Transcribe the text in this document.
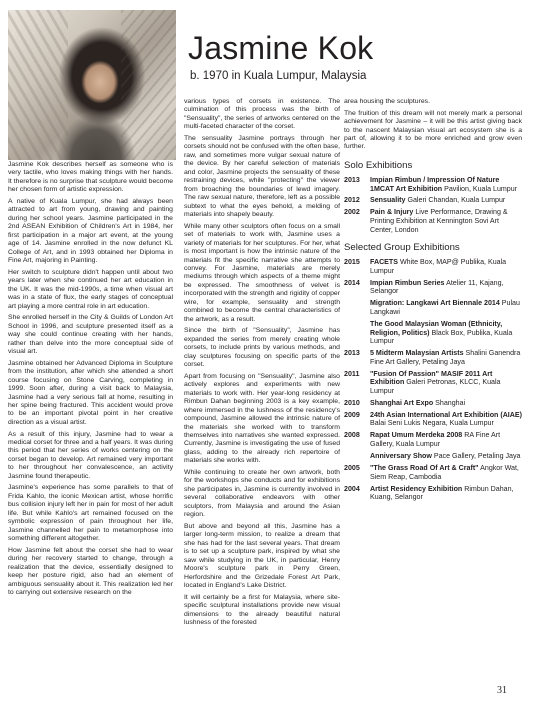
Jasmine Kok
b. 1970 in Kuala Lumpur, Malaysia

Jasmine Kok describes herself as someone who is very tactile, who loves making things with her hands. It therefore is no surprise that sculpture would become her chosen form of artistic expression.

A native of Kuala Lumpur, she had always been attracted to art from young, drawing and painting during her school years. Jasmine participated in the 2nd ASEAN Exhibition of Children's Art in 1984, her first participation in a major art event, at the young age of 14. Jasmine enrolled in the now defunct KL College of Art, and in 1993 obtained her Diploma in Fine Art, majoring in Painting.

Her switch to sculpture didn't happen until about two years later when she continued her art education in the UK. It was the mid-1990s, a time when visual art was in a state of flux, the early stages of conceptual art playing a more central role in art education.

She enrolled herself in the City & Guilds of London Art School in 1996, and sculpture presented itself as a way she could continue creating with her hands, rather than delve into the more conceptual side of visual art.

Jasmine obtained her Advanced Diploma in Sculpture from the institution, after which she attended a short course focusing on Stone Carving, completing in 1999. Soon after, during a visit back to Malaysia, Jasmine had a very serious fall at home, resulting in her spine being fractured. This accident would prove to be an important pivotal point in her creative direction as a visual artist.

As a result of this injury, Jasmine had to wear a medical corset for three and a half years. It was during this period that her series of works centering on the corset began to develop. Art remained very important to her throughout her convalescence, an activity Jasmine found therapeutic.

Jasmine's experience has some parallels to that of Frida Kahlo, the iconic Mexican artist, whose horrific bus collision injury left her in pain for most of her adult life. But while Kahlo's art remained focused on the symbolic expression of pain throughout her life, Jasmine channelled her pain to metamorphose into something different altogether.

How Jasmine felt about the corset she had to wear during her recovery started to change, through a realization that the device, essentially designed to keep her posture rigid, also had an element of ambiguous sensuality about it. This realization led her to carrying out extensive research on the

various types of corsets in existence. The culmination of this process was the birth of "Sensuality", the series of artworks centered on the multi-faceted character of the corset.

The sensuality Jasmine portrays through her corsets should not be confused with the often base, raw, and sometimes more vulgar sexual nature of the device. By her careful selection of materials and color, Jasmine projects the sensuality of these restraining devices, while "protecting" the viewer from broaching the boundaries of lewd imagery. The raw sexual nature, therefore, left as a possible subtext to what the eyes behold, a melding of materials into shapely beauty.

While many other sculptors often focus on a small set of materials to work with, Jasmine uses a variety of materials for her sculptures. For her, what is most important is how the intrinsic nature of the materials fit the specific narrative she attempts to convey. For Jasmine, materials are merely mediums through which aspects of a theme might be expressed. The smoothness of velvet is incorporated with the strength and rigidity of copper wire, for example, sensuality and strength combined to become the central characteristics of the artwork, as a result.

Since the birth of "Sensuality", Jasmine has expanded the series from merely creating whole corsets, to include prints by various methods, and clay sculptures focusing on specific parts of the corset.

Apart from focusing on "Sensuality", Jasmine also actively explores and experiments with new materials to work with. Her year-long residency at Rimbun Dahan beginning 2003 is a key example, where immersed in the lushness of the residency's compound, Jasmine allowed the intrinsic nature of the materials she worked with to transform themselves into narratives she wanted expressed. Currently, Jasmine is investigating the use of fused glass, adding to the already rich repertoire of materials she works with.

While continuing to create her own artwork, both for the workshops she conducts and for exhibitions she participates in, Jasmine is currently involved in several collaborative endeavors with other sculptors, from Malaysia and around the Asian region.

But above and beyond all this, Jasmine has a larger long-term mission, to realize a dream that she has had for the last several years. That dream is to set up a sculpture park, inspired by what she saw while studying in the UK, in particular, Henry Moore's sculpture park in Perry Green, Herfordshire and the Grizedale Forest Art Park, located in England's Lake District.

It will certainly be a first for Malaysia, where site-specific sculptural installations provide new visual dimensions to the already beautiful natural lushness of the forested

area housing the sculptures.

The fruition of this dream will not merely mark a personal achievement for Jasmine – it will be this artist giving back to the nascent Malaysian visual art ecosystem she is a part of, allowing it to be more enriched and grow even further.

Solo Exhibitions
2013	Impian Rimbun / Impression Of Nature 1MCAT Art Exhibition Pavilion, Kuala Lumpur
2012	Sensuality Galeri Chandan, Kuala Lumpur
2002	Pain & Injury Live Performance, Drawing & Printing Exhibition at Kennington Sovi Art Center, London
Selected Group Exhibitions
2015	FACETS White Box, MAP@ Publika, Kuala Lumpur
2014	Impian Rimbun Series Atelier 11, Kajang, Selangor
Migration: Langkawi Art Biennale 2014 Pulau Langkawi
The Good Malaysian Woman (Ethnicity, Religion, Politics) Black Box, Publika, Kuala Lumpur
2013	5 Midterm Malaysian Artists Shalini Ganendra Fine Art Gallery, Petaling Jaya
2011	"Fusion Of Passion" MASIF 2011 Art Exhibition Galeri Petronas, KLCC, Kuala Lumpur
2010	Shanghai Art Expo Shanghai
2009	24th Asian International Art Exhibition (AIAE) Balai Seni Lukis Negara, Kuala Lumpur
2008	Rapat Umum Merdeka 2008 RA Fine Art Gallery, Kuala Lumpur
Anniversary Show Pace Gallery, Petaling Jaya
2005	"The Grass Road Of Art & Craft" Angkor Wat, Siem Reap, Cambodia
2004	Artist Residency Exhibition Rimbun Dahan, Kuang, Selangor
31
